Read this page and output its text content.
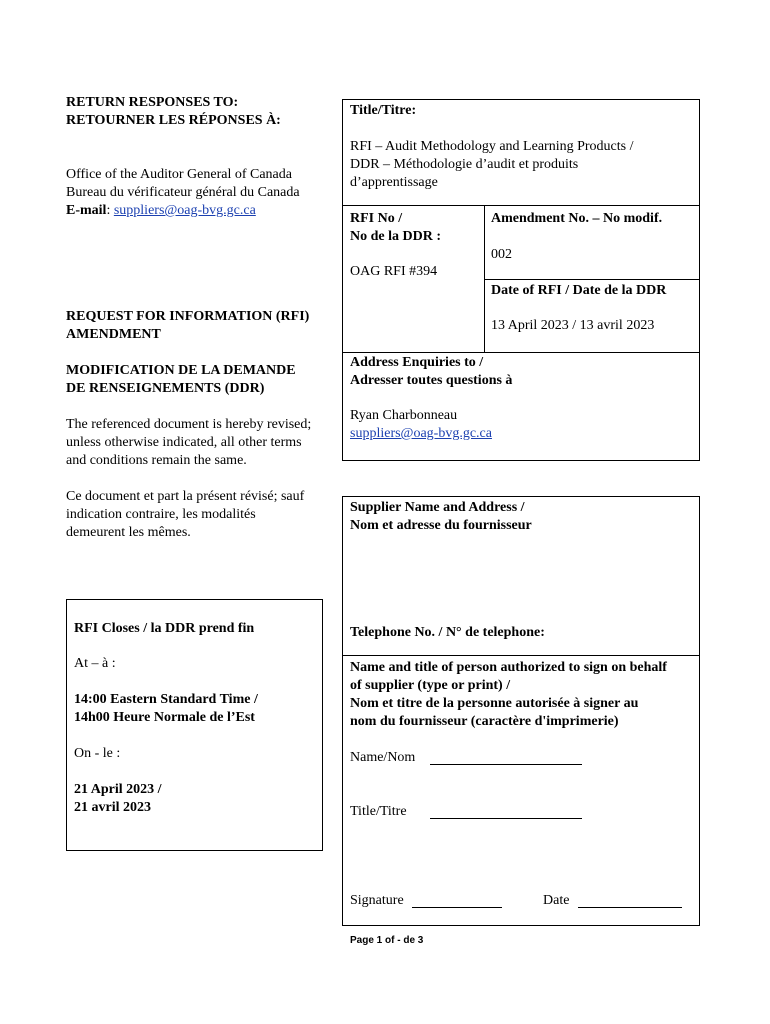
RETURN RESPONSES TO:
RETOURNER LES RÉPONSES À:
Office of the Auditor General of Canada
Bureau du vérificateur général du Canada
E-mail: suppliers@oag-bvg.gc.ca
REQUEST FOR INFORMATION (RFI)
AMENDMENT
MODIFICATION DE LA DEMANDE
DE RENSEIGNEMENTS (DDR)
The referenced document is hereby revised;
unless otherwise indicated, all other terms
and conditions remain the same.
Ce document et part la présent révisé; sauf
indication contraire, les modalités
demeurent les mêmes.
RFI Closes / la DDR prend fin
At – à :
14:00 Eastern Standard Time /
14h00 Heure Normale de l’Est
On - le :
21 April 2023 /
21 avril 2023
Title/Titre:
RFI – Audit Methodology and Learning Products /
DDR – Méthodologie d’audit et produits
d’apprentissage
RFI No /
No de la DDR :
OAG RFI #394
Amendment No. – No modif.
002
Date of RFI / Date de la DDR
13 April 2023 / 13 avril 2023
Address Enquiries to /
Adresser toutes questions à
Ryan Charbonneau
suppliers@oag-bvg.gc.ca
Supplier Name and Address /
Nom et adresse du fournisseur
Telephone No. / N° de telephone:
Name and title of person authorized to sign on behalf
of supplier (type or print) /
Nom et titre de la personne autorisée à signer au
nom du fournisseur (caractère d'imprimerie)
Name/Nom
Title/Titre
Signature	Date
Page 1 of - de 3
